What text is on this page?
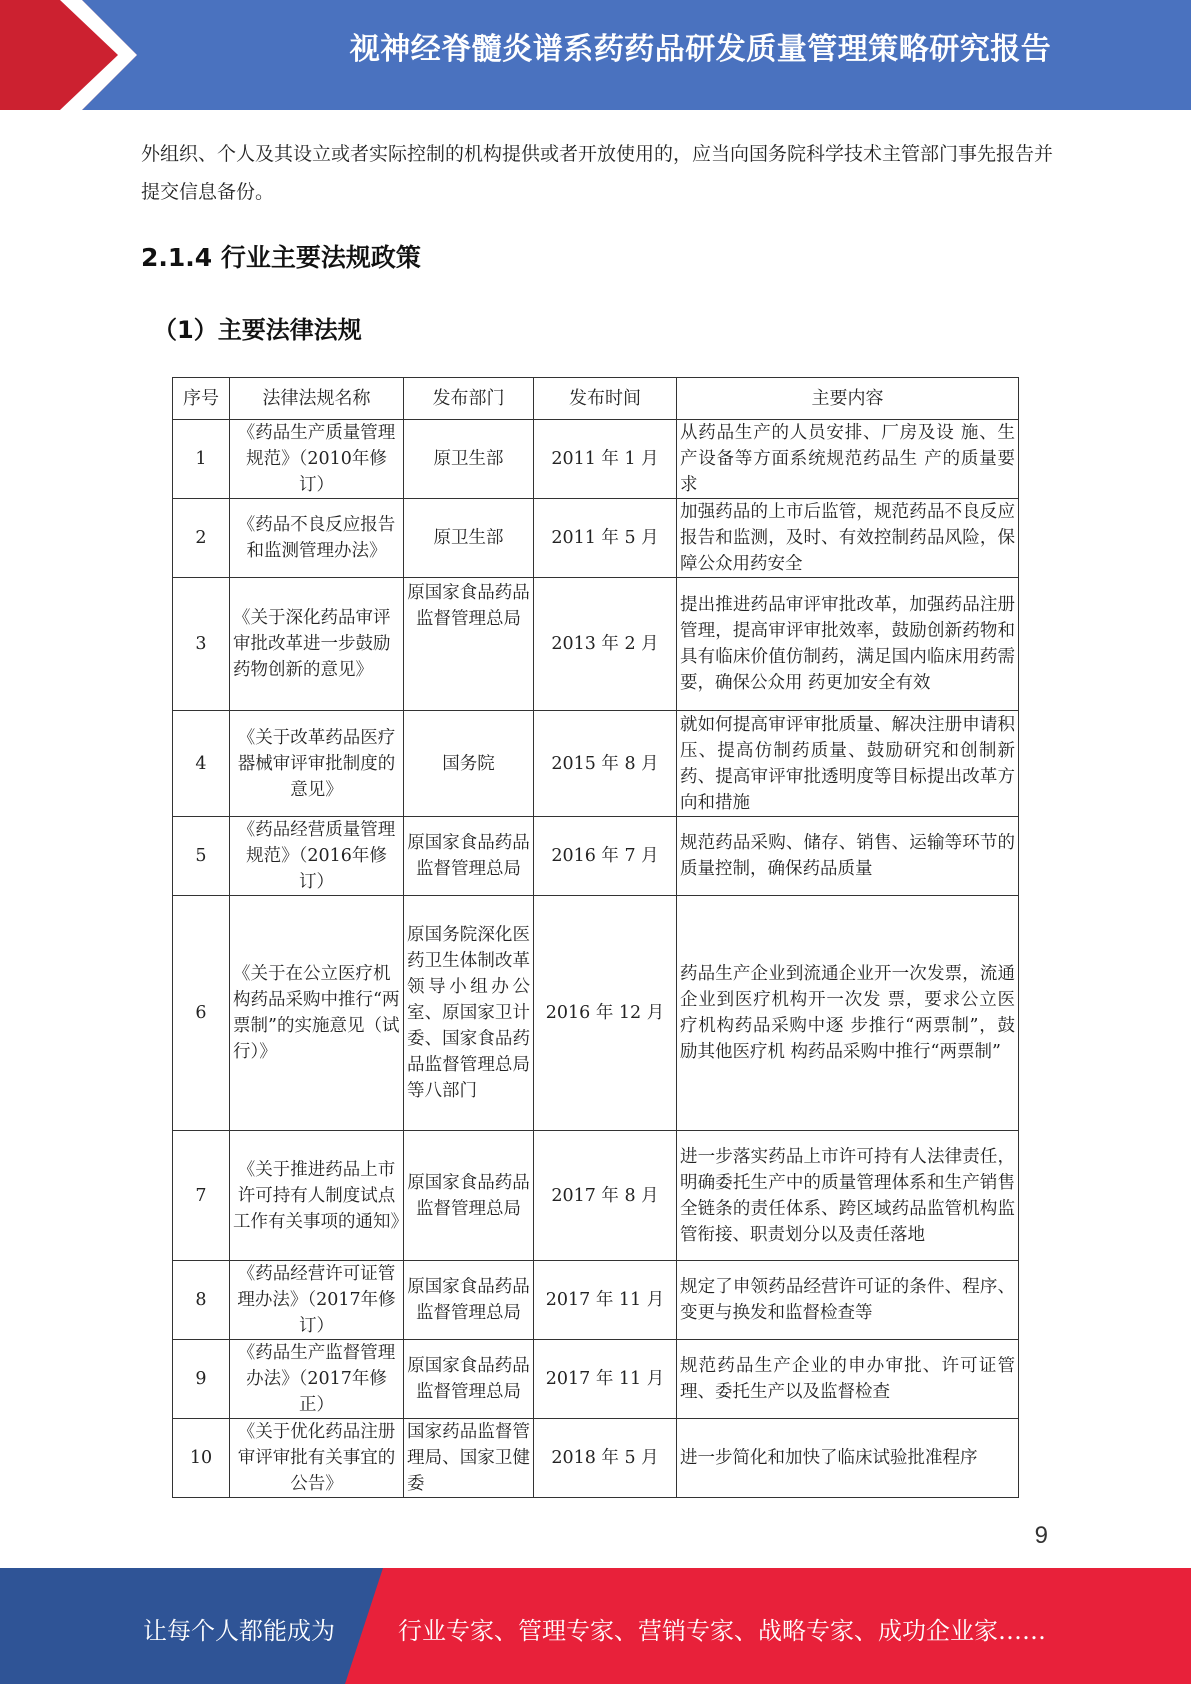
视神经脊髓炎谱系药药品研发质量管理策略研究报告

外组织、个人及其设立或者实际控制的机构提供或者开放使用的，应当向国务院科学技术主管部门事先报告并提交信息备份。

2.1.4 行业主要法规政策
（1）主要法律法规
序号	法律法规名称	发布部门	发布时间	主要内容
1	《药品生产质量管理规范》（2010年修订）	原卫生部	2011 年 1 月	从药品生产的人员安排、厂房及设 施、生产设备等方面系统规范药品生 产的质量要求
2	《药品不良反应报告和监测管理办法》	原卫生部	2011 年 5 月	加强药品的上市后监管，规范药品不良反应报告和监测，及时、有效控制药品风险，保障公众用药安全
3	《关于深化药品审评审批改革进一步鼓励药物创新的意见》	原国家食品药品监督管理总局	2013 年 2 月	提出推进药品审评审批改革，加强药品注册管理，提高审评审批效率，鼓励创新药物和具有临床价值仿制药，满足国内临床用药需要，确保公众用 药更加安全有效
4	《关于改革药品医疗器械审评审批制度的意见》	国务院	2015 年 8 月	就如何提高审评审批质量、解决注册申请积压、提高仿制药质量、鼓励研究和创制新药、提高审评审批透明度等目标提出改革方向和措施
5	《药品经营质量管理规范》（2016年修订）	原国家食品药品监督管理总局	2016 年 7 月	规范药品采购、储存、销售、运输等环节的质量控制，确保药品质量
6	《关于在公立医疗机构药品采购中推行“两票制”的实施意见（试行）》	原国务院深化医药卫生体制改革领导小组办公室、原国家卫计委、国家食品药品监督管理总局等八部门	2016 年 12 月	药品生产企业到流通企业开一次发票，流通企业到医疗机构开一次发 票，要求公立医疗机构药品采购中逐 步推行“两票制”，鼓励其他医疗机 构药品采购中推行“两票制”
7	《关于推进药品上市许可持有人制度试点工作有关事项的通知》	原国家食品药品监督管理总局	2017 年 8 月	进一步落实药品上市许可持有人法律责任，明确委托生产中的质量管理体系和生产销售全链条的责任体系、跨区域药品监管机构监管衔接、职责划分以及责任落地
8	《药品经营许可证管理办法》（2017年修订）	原国家食品药品监督管理总局	2017 年 11 月	规定了申领药品经营许可证的条件、程序、变更与换发和监督检查等
9	《药品生产监督管理办法》（2017年修正）	原国家食品药品监督管理总局	2017 年 11 月	规范药品生产企业的申办审批、许可证管理、委托生产以及监督检查
10	《关于优化药品注册审评审批有关事宜的公告》	国家药品监督管理局、国家卫健委	2018 年 5 月	进一步简化和加快了临床试验批准程序
9
让每个人都能成为	行业专家、管理专家、营销专家、战略专家、成功企业家……
